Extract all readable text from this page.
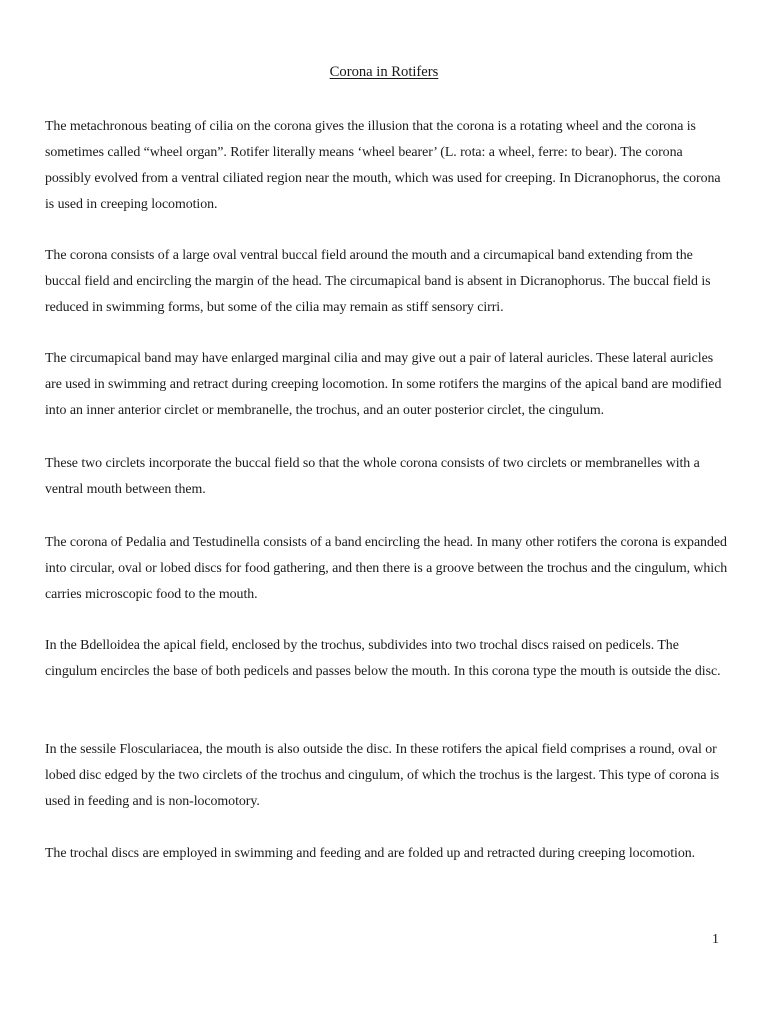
Corona in Rotifers

The metachronous beating of cilia on the corona gives the illusion that the corona is a rotating wheel and the corona is sometimes called “wheel organ”. Rotifer literally means ‘wheel bearer’ (L. rota: a wheel, ferre: to bear). The corona possibly evolved from a ventral ciliated region near the mouth, which was used for creeping. In Dicranophorus, the corona is used in creeping locomotion.

The corona consists of a large oval ventral buccal field around the mouth and a circumapical band extending from the buccal field and encircling the margin of the head. The circumapical band is absent in Dicranophorus. The buccal field is reduced in swimming forms, but some of the cilia may remain as stiff sensory cirri.

The circumapical band may have enlarged marginal cilia and may give out a pair of lateral auricles. These lateral auricles are used in swimming and retract during creeping locomotion. In some rotifers the margins of the apical band are modified into an inner anterior circlet or membranelle, the trochus, and an outer posterior circlet, the cingulum.

These two circlets incorporate the buccal field so that the whole corona consists of two circlets or membranelles with a ventral mouth between them.

The corona of Pedalia and Testudinella consists of a band encircling the head. In many other rotifers the corona is expanded into circular, oval or lobed discs for food gathering, and then there is a groove between the trochus and the cingulum, which carries microscopic food to the mouth.

In the Bdelloidea the apical field, enclosed by the trochus, subdivides into two trochal discs raised on pedicels. The cingulum encircles the base of both pedicels and passes below the mouth. In this corona type the mouth is outside the disc.

In the sessile Flosculariacea, the mouth is also outside the disc. In these rotifers the apical field comprises a round, oval or lobed disc edged by the two circlets of the trochus and cingulum, of which the trochus is the largest. This type of corona is used in feeding and is non-locomotory.

The trochal discs are employed in swimming and feeding and are folded up and retracted during creeping locomotion.

1
